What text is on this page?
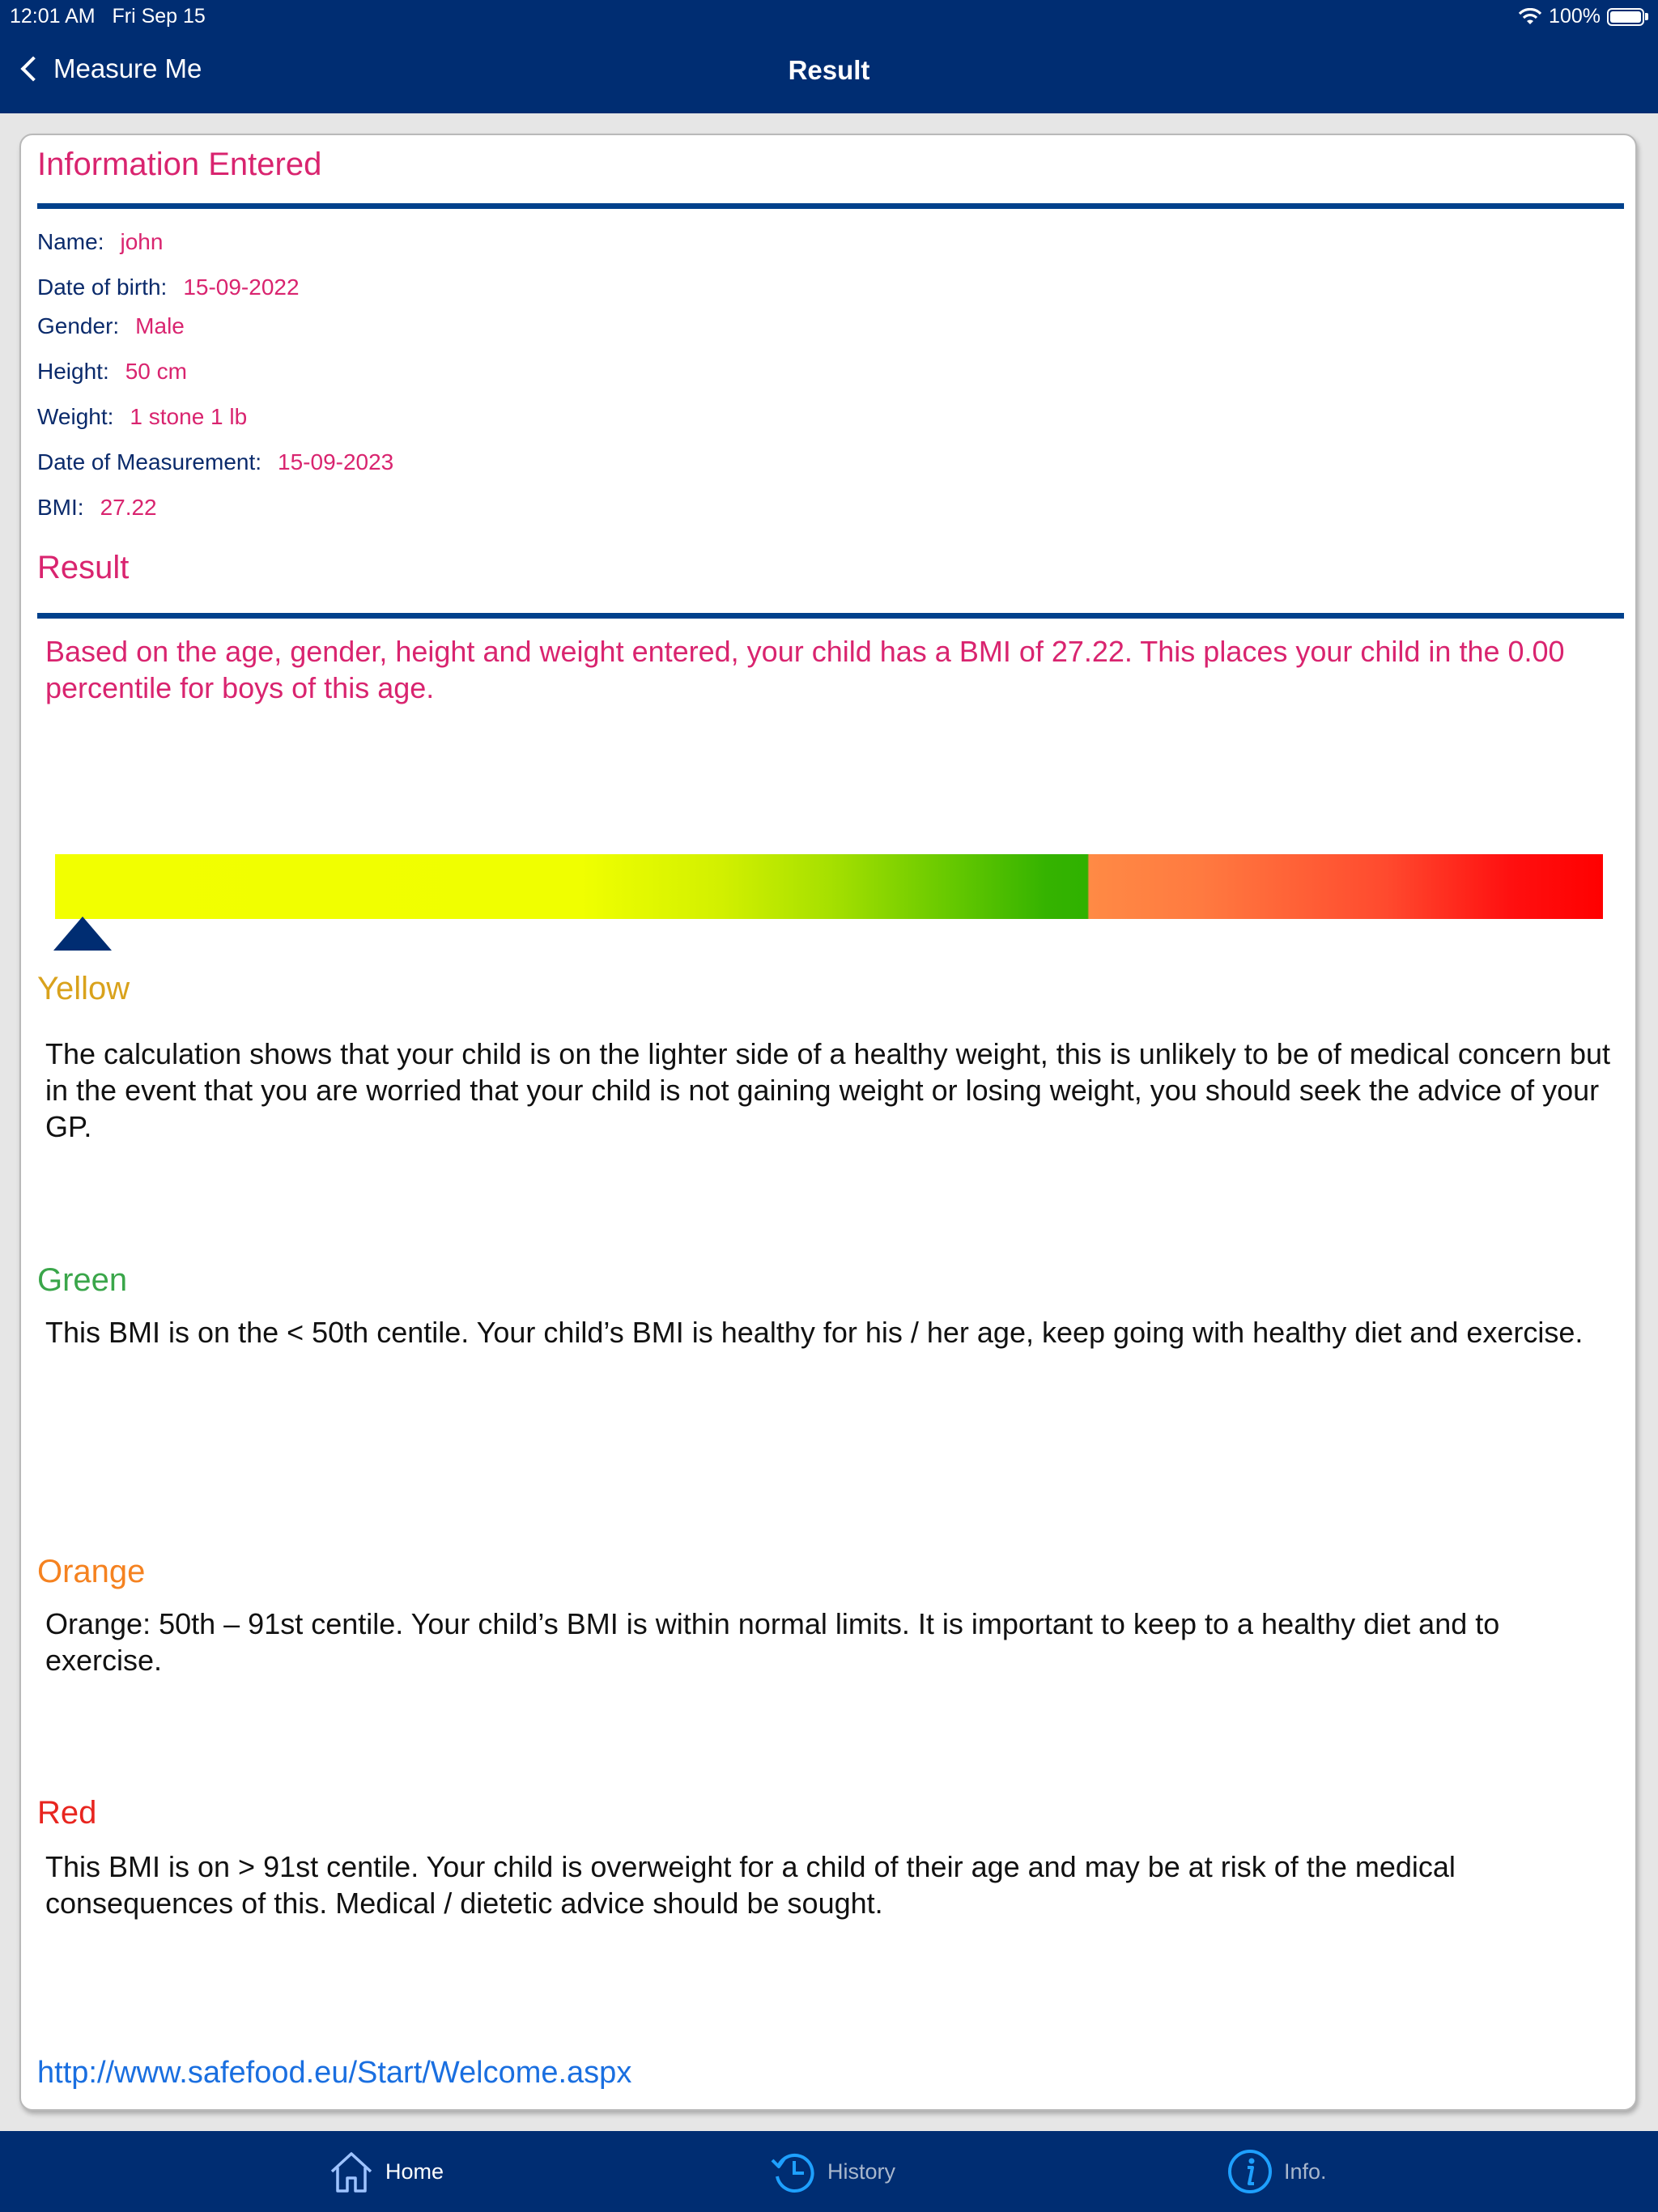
12:01 AM Fri Sep 15	100%
Measure Me	Result
Information Entered
Name: john
Date of birth: 15-09-2022
Gender: Male
Height: 50 cm
Weight: 1 stone 1 lb
Date of Measurement: 15-09-2023
BMI: 27.22
Result
Based on the age, gender, height and weight entered, your child has a BMI of 27.22. This places your child in the 0.00 percentile for boys of this age.
Yellow
The calculation shows that your child is on the lighter side of a healthy weight, this is unlikely to be of medical concern but in the event that you are worried that your child is not gaining weight or losing weight, you should seek the advice of your GP.
Green
This BMI is on the < 50th centile. Your child’s BMI is healthy for his / her age, keep going with healthy diet and exercise.
Orange
Orange: 50th – 91st centile. Your child’s BMI is within normal limits. It is important to keep to a healthy diet and to exercise.
Red
This BMI is on > 91st centile. Your child is overweight for a child of their age and may be at risk of the medical consequences of this. Medical / dietetic advice should be sought.
http://www.safefood.eu/Start/Welcome.aspx
Home	History	Info.
